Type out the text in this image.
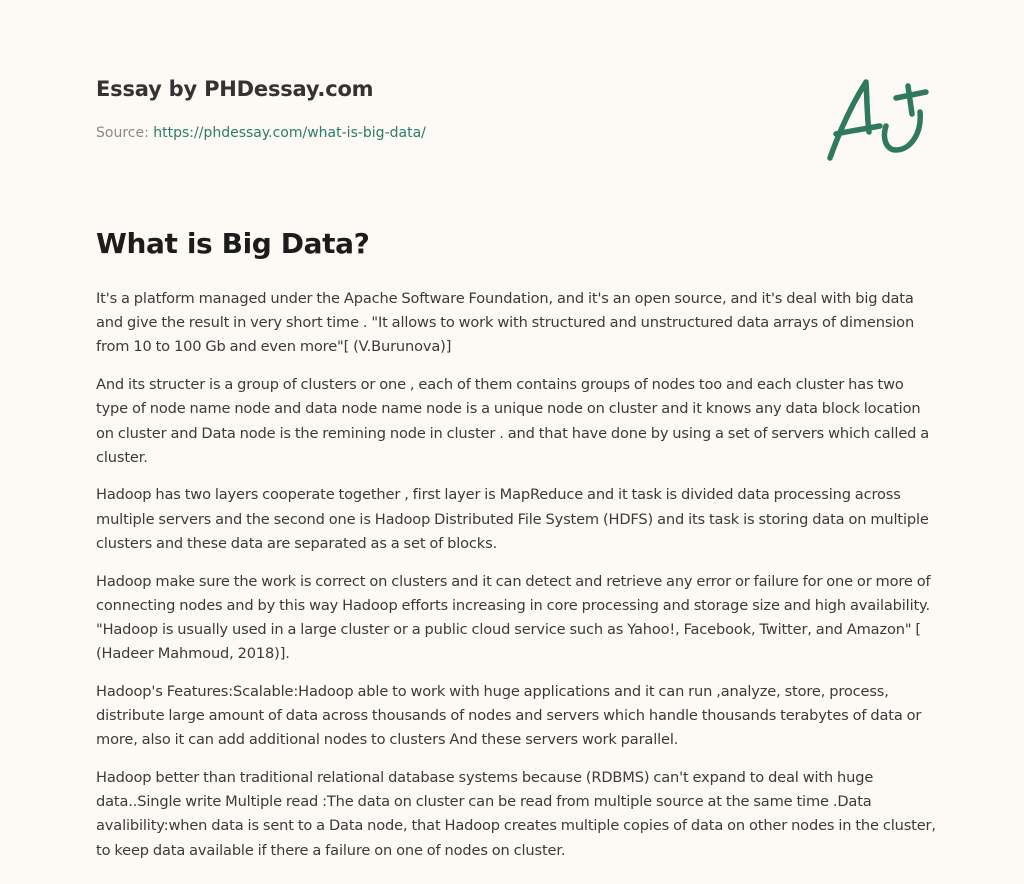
Essay by PHDessay.com
Source: https://phdessay.com/what-is-big-data/
What is Big Data?

It's a platform managed under the Apache Software Foundation, and it's an open source, and it's deal with big data and give the result in very short time . "It allows to work with structured and unstructured data arrays of dimension from 10 to 100 Gb and even more"[ (V.Burunova)]

And its structer is a group of clusters or one , each of them contains groups of nodes too and each cluster has two type of node name node and data node name node is a unique node on cluster and it knows any data block location on cluster and Data node is the remining node in cluster . and that have done by using a set of servers which called a cluster.

Hadoop has two layers cooperate together , first layer is MapReduce and it task is divided data processing across multiple servers and the second one is Hadoop Distributed File System (HDFS) and its task is storing data on multiple clusters and these data are separated as a set of blocks.

Hadoop make sure the work is correct on clusters and it can detect and retrieve any error or failure for one or more of connecting nodes and by this way Hadoop efforts increasing in core processing and storage size and high availability. "Hadoop is usually used in a large cluster or a public cloud service such as Yahoo!, Facebook, Twitter, and Amazon" [ (Hadeer Mahmoud, 2018)].

Hadoop's Features:Scalable:Hadoop able to work with huge applications and it can run ,analyze, store, process, distribute large amount of data across thousands of nodes and servers which handle thousands terabytes of data or more, also it can add additional nodes to clusters And these servers work parallel.

Hadoop better than traditional relational database systems because (RDBMS) can't expand to deal with huge data..Single write Multiple read :The data on cluster can be read from multiple source at the same time .Data avalibility:when data is sent to a Data node, that Hadoop creates multiple copies of data on other nodes in the cluster, to keep data available if there a failure on one of nodes on cluster.
